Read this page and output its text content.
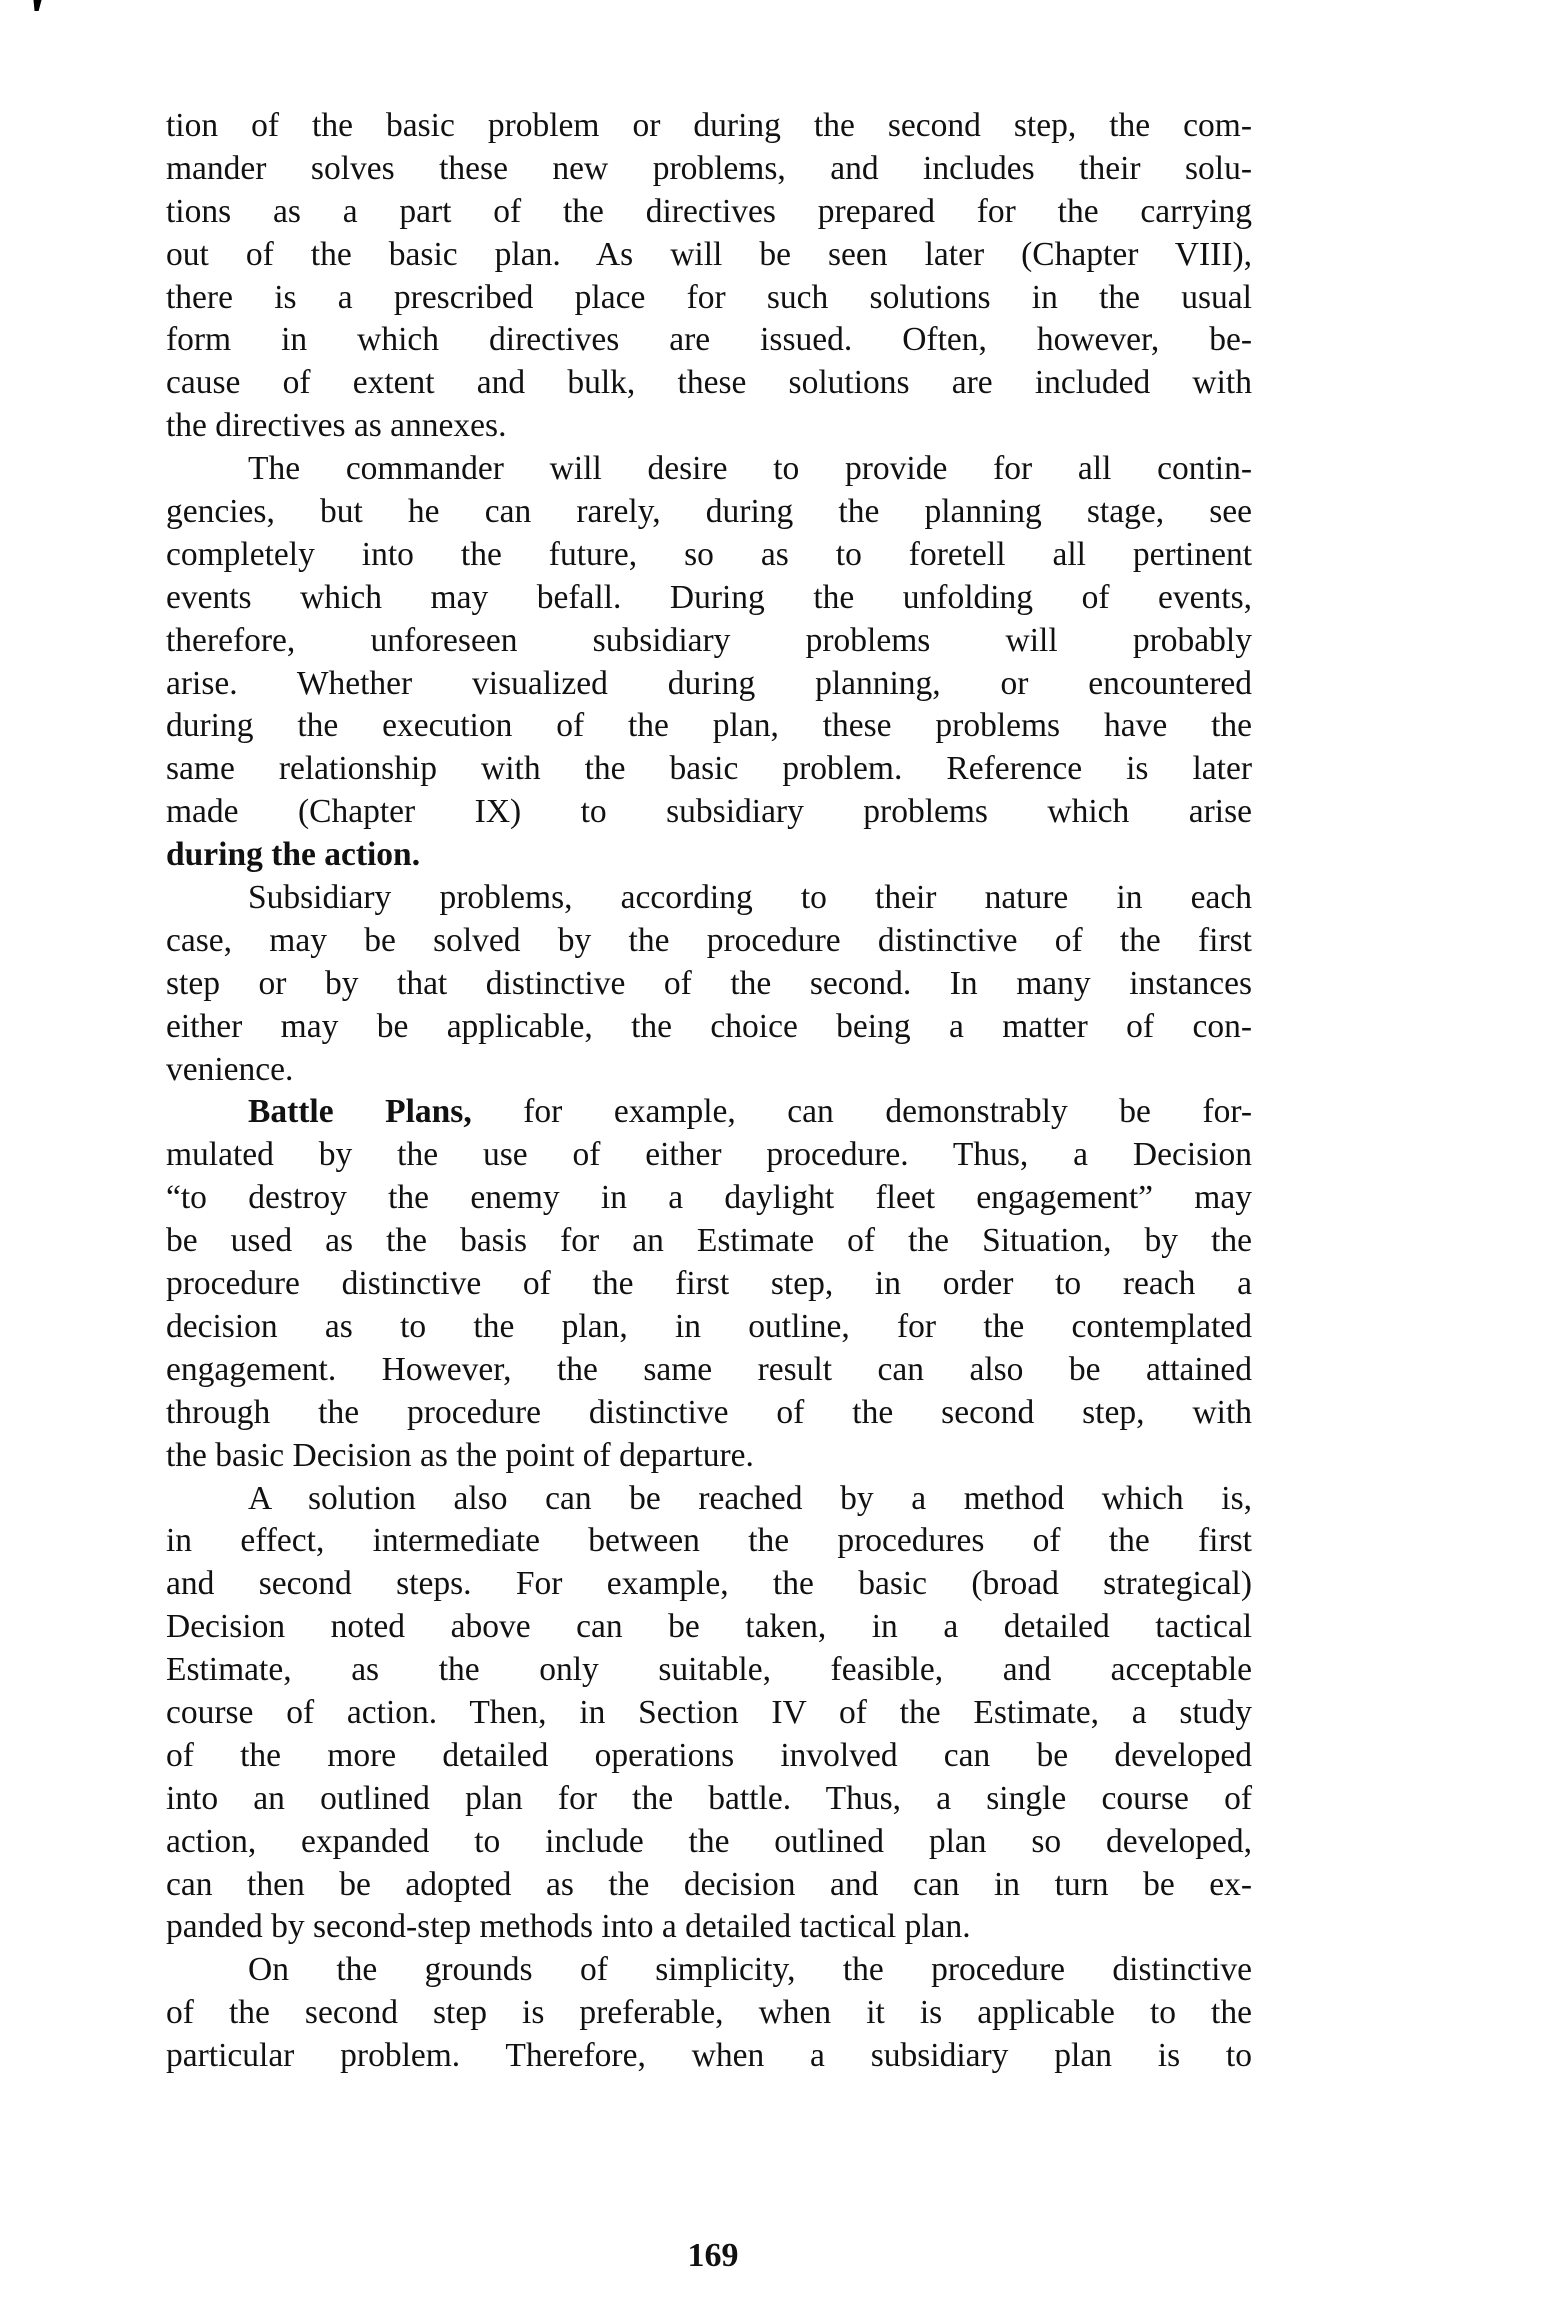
tion of the basic problem or during the second step, the com-
mander solves these new problems, and includes their solu-
tions as a part of the directives prepared for the carrying
out of the basic plan. As will be seen later (Chapter VIII),
there is a prescribed place for such solutions in the usual
form in which directives are issued. Often, however, be-
cause of extent and bulk, these solutions are included with
the directives as annexes.
The commander will desire to provide for all contin-
gencies, but he can rarely, during the planning stage, see
completely into the future, so as to foretell all pertinent
events which may befall. During the unfolding of events,
therefore, unforeseen subsidiary problems will probably
arise. Whether visualized during planning, or encountered
during the execution of the plan, these problems have the
same relationship with the basic problem. Reference is later
made (Chapter IX) to subsidiary problems which arise
during the action.
Subsidiary problems, according to their nature in each
case, may be solved by the procedure distinctive of the first
step or by that distinctive of the second. In many instances
either may be applicable, the choice being a matter of con-
venience.
Battle Plans, for example, can demonstrably be for-
mulated by the use of either procedure. Thus, a Decision
“to destroy the enemy in a daylight fleet engagement” may
be used as the basis for an Estimate of the Situation, by the
procedure distinctive of the first step, in order to reach a
decision as to the plan, in outline, for the contemplated
engagement. However, the same result can also be attained
through the procedure distinctive of the second step, with
the basic Decision as the point of departure.
A solution also can be reached by a method which is,
in effect, intermediate between the procedures of the first
and second steps. For example, the basic (broad strategical)
Decision noted above can be taken, in a detailed tactical
Estimate, as the only suitable, feasible, and acceptable
course of action. Then, in Section IV of the Estimate, a study
of the more detailed operations involved can be developed
into an outlined plan for the battle. Thus, a single course of
action, expanded to include the outlined plan so developed,
can then be adopted as the decision and can in turn be ex-
panded by second-step methods into a detailed tactical plan.
On the grounds of simplicity, the procedure distinctive
of the second step is preferable, when it is applicable to the
particular problem. Therefore, when a subsidiary plan is to
169
